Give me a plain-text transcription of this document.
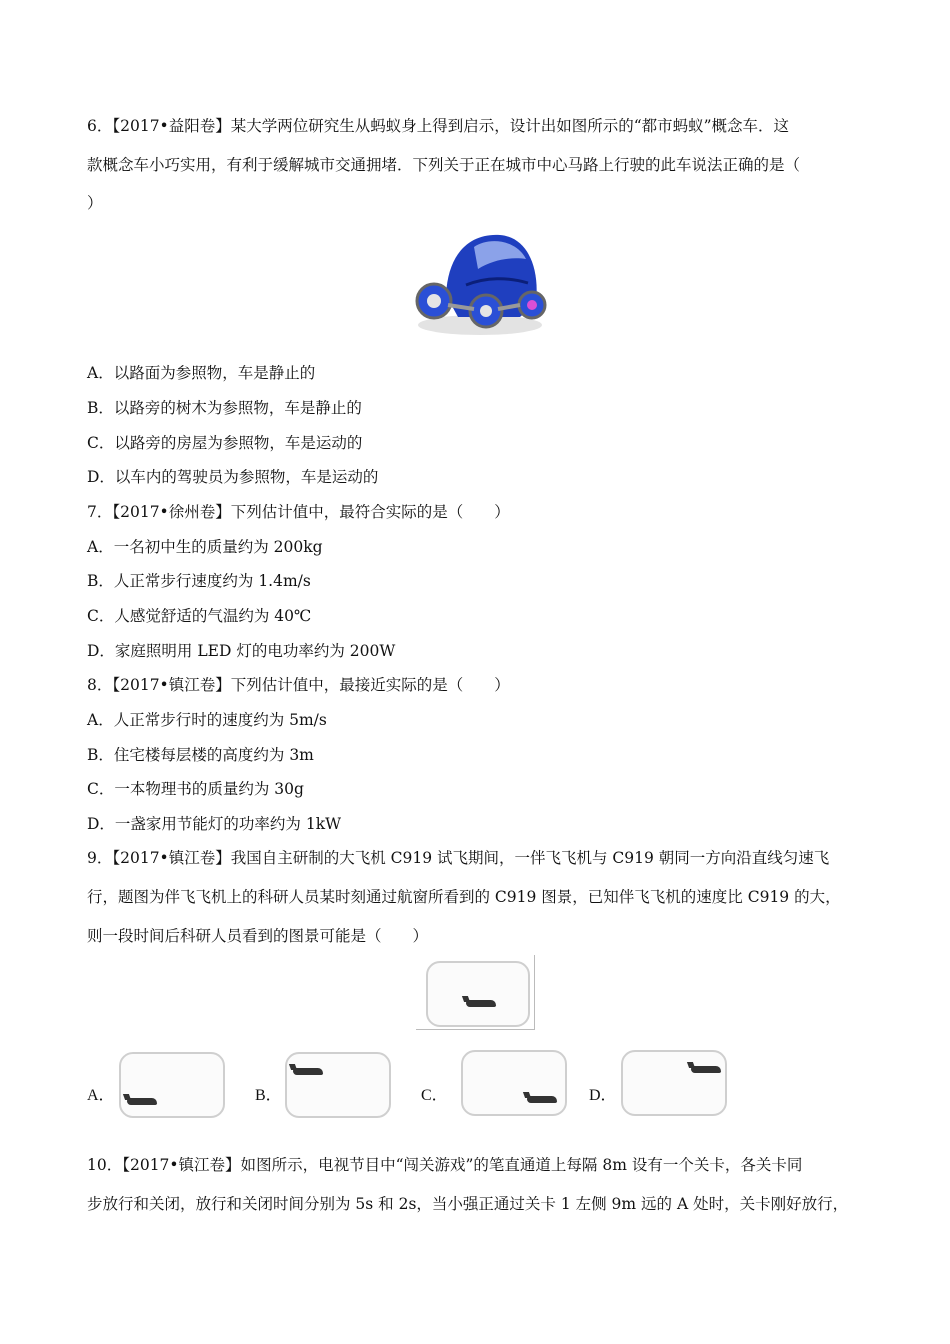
6．【2017•益阳卷】某大学两位研究生从蚂蚁身上得到启示，设计出如图所示的“都市蚂蚁”概念车．这
款概念车小巧实用，有利于缓解城市交通拥堵．下列关于正在城市中心马路上行驶的此车说法正确的是（
）
A．以路面为参照物，车是静止的
B．以路旁的树木为参照物，车是静止的
C．以路旁的房屋为参照物，车是运动的
D．以车内的驾驶员为参照物，车是运动的
7．【2017•徐州卷】下列估计值中，最符合实际的是（　　）
A．一名初中生的质量约为 200kg
B．人正常步行速度约为 1.4m/s
C．人感觉舒适的气温约为 40℃
D．家庭照明用 LED 灯的电功率约为 200W
8．【2017•镇江卷】下列估计值中，最接近实际的是（　　）
A．人正常步行时的速度约为 5m/s
B．住宅楼每层楼的高度约为 3m
C．一本物理书的质量约为 30g
D．一盏家用节能灯的功率约为 1kW
9．【2017•镇江卷】我国自主研制的大飞机 C919 试飞期间，一伴飞飞机与 C919 朝同一方向沿直线匀速飞
行，题图为伴飞飞机上的科研人员某时刻通过航窗所看到的 C919 图景，已知伴飞飞机的速度比 C919 的大，
则一段时间后科研人员看到的图景可能是（　　）
A．	B．	C．	D．
10．【2017•镇江卷】如图所示，电视节目中“闯关游戏”的笔直通道上每隔 8m 设有一个关卡，各关卡同
步放行和关闭，放行和关闭时间分别为 5s 和 2s，当小强正通过关卡 1 左侧 9m 远的 A 处时，关卡刚好放行，
